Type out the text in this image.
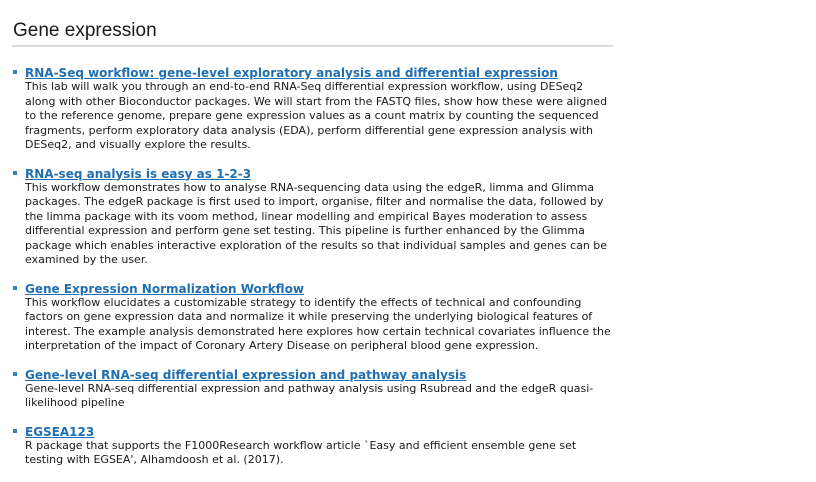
Gene expression
RNA-Seq workflow: gene-level exploratory analysis and differential expression

This lab will walk you through an end-to-end RNA-Seq differential expression workflow, using DESeq2 along with other Bioconductor packages. We will start from the FASTQ files, show how these were aligned to the reference genome, prepare gene expression values as a count matrix by counting the sequenced fragments, perform exploratory data analysis (EDA), perform differential gene expression analysis with DESeq2, and visually explore the results.

RNA-seq analysis is easy as 1-2-3

This workflow demonstrates how to analyse RNA-sequencing data using the edgeR, limma and Glimma packages. The edgeR package is first used to import, organise, filter and normalise the data, followed by the limma package with its voom method, linear modelling and empirical Bayes moderation to assess differential expression and perform gene set testing. This pipeline is further enhanced by the Glimma package which enables interactive exploration of the results so that individual samples and genes can be examined by the user.

Gene Expression Normalization Workflow

This workflow elucidates a customizable strategy to identify the effects of technical and confounding factors on gene expression data and normalize it while preserving the underlying biological features of interest. The example analysis demonstrated here explores how certain technical covariates influence the interpretation of the impact of Coronary Artery Disease on peripheral blood gene expression.

Gene-level RNA-seq differential expression and pathway analysis

Gene-level RNA-seq differential expression and pathway analysis using Rsubread and the edgeR quasi-likelihood pipeline

EGSEA123

R package that supports the F1000Research workflow article `Easy and efficient ensemble gene set testing with EGSEA', Alhamdoosh et al. (2017).
